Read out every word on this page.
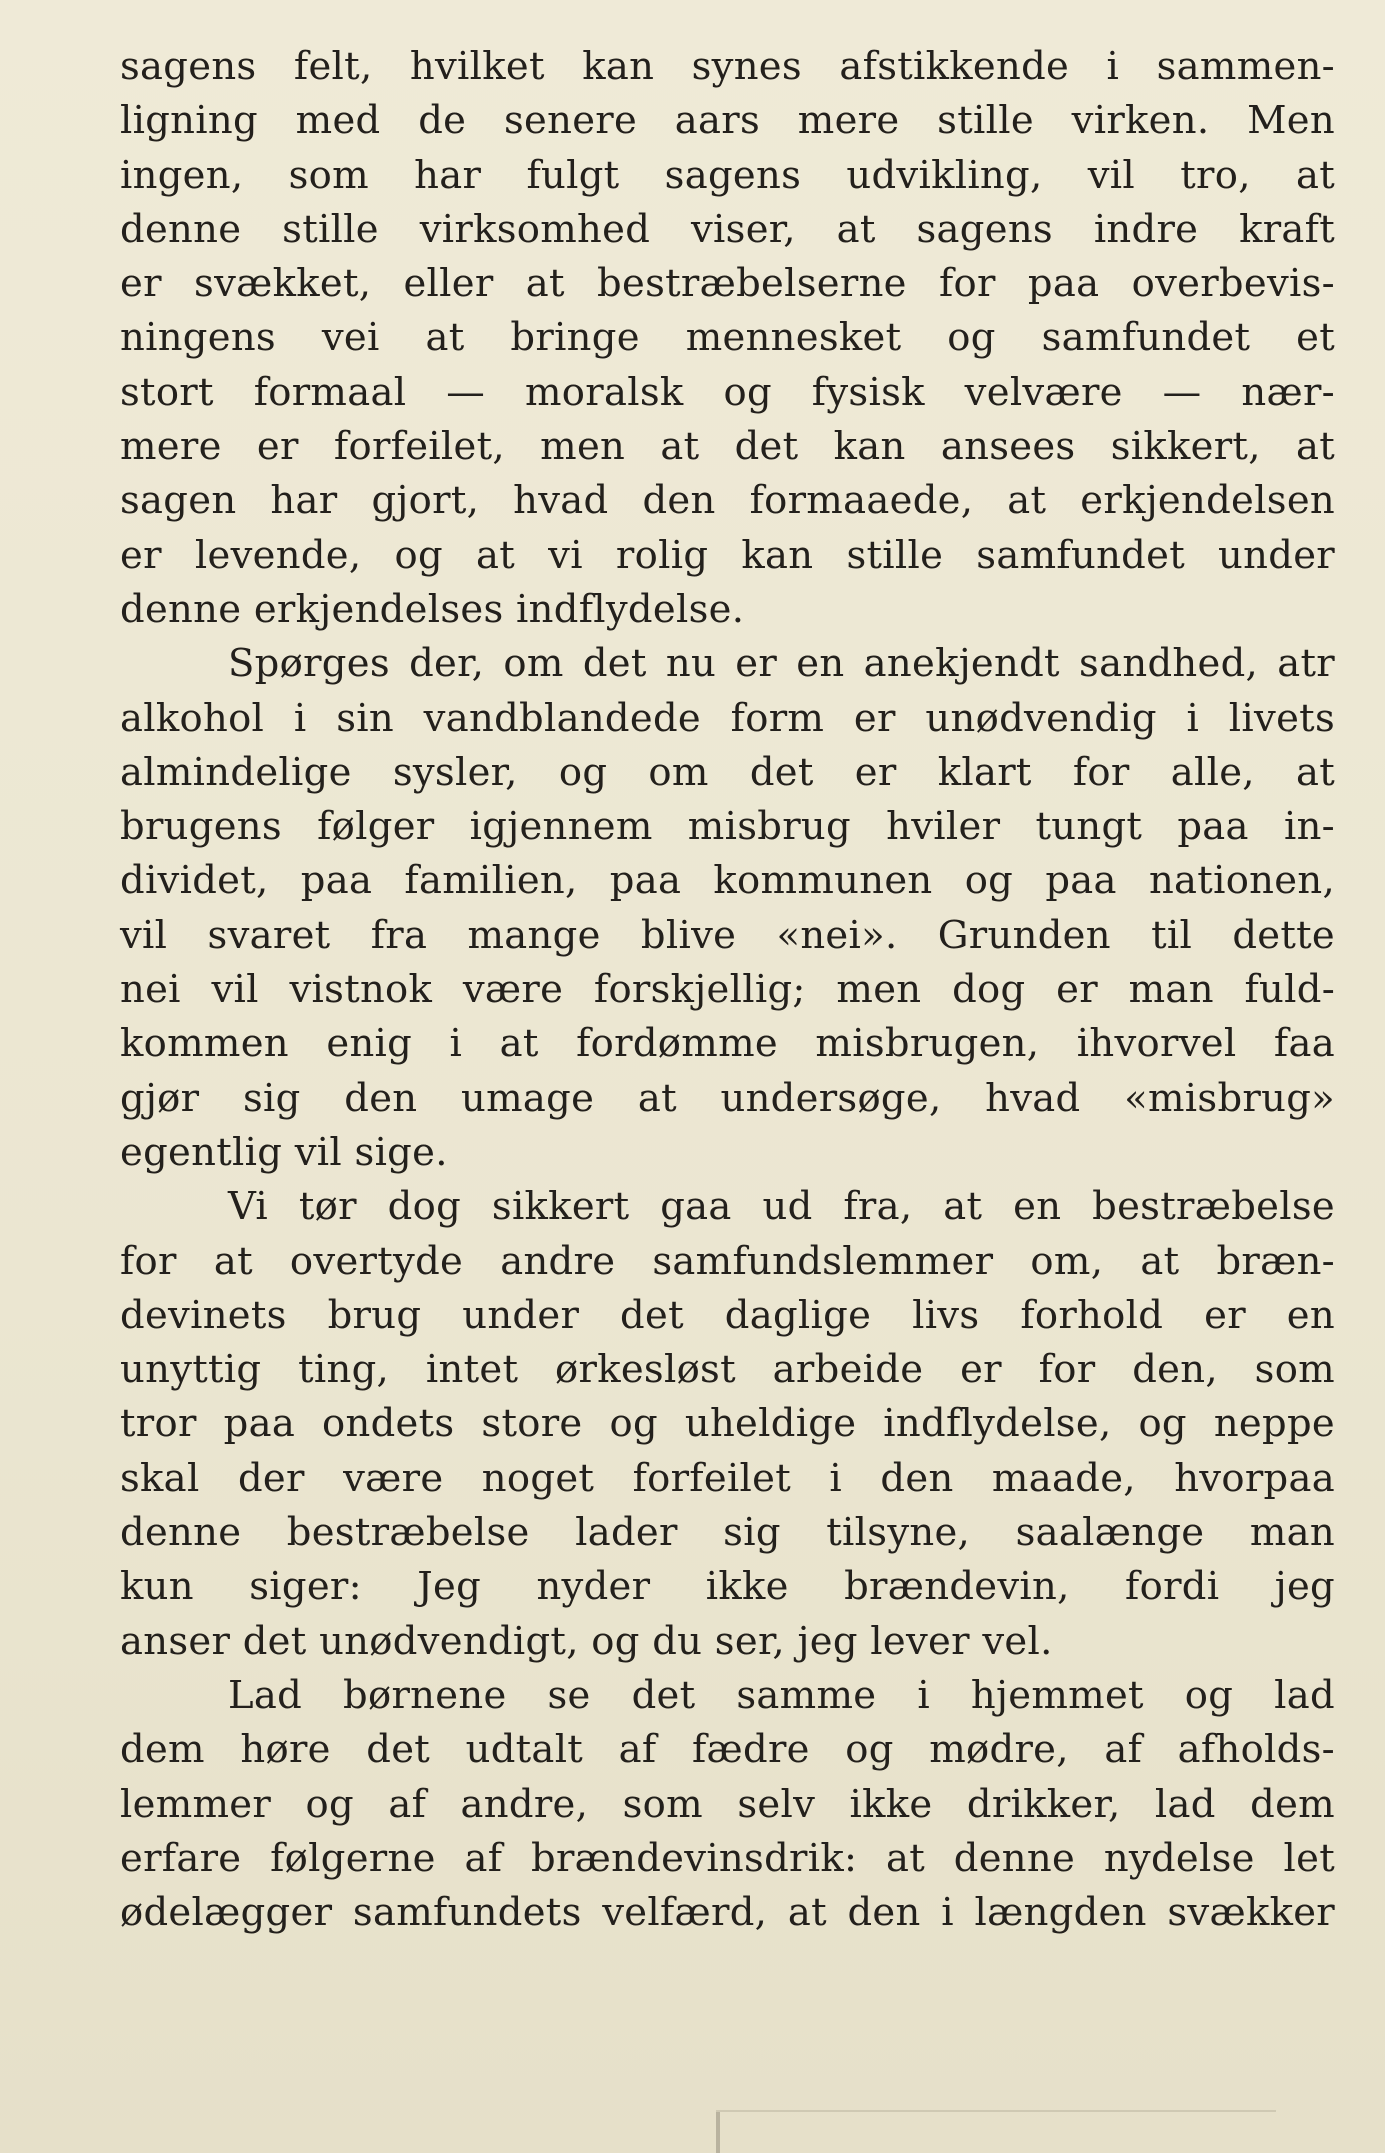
sagens felt, hvilket kan synes afstikkende i sammen-
ligning med de senere aars mere stille virken. Men
ingen, som har fulgt sagens udvikling, vil tro, at
denne stille virksomhed viser, at sagens indre kraft
er svækket, eller at bestræbelserne for paa overbevis-
ningens vei at bringe mennesket og samfundet et
stort formaal — moralsk og fysisk velvære — nær-
mere er forfeilet, men at det kan ansees sikkert, at
sagen har gjort, hvad den formaaede, at erkjendelsen
er levende, og at vi rolig kan stille samfundet under
denne erkjendelses indflydelse.
Spørges der, om det nu er en anekjendt sandhed, atr
alkohol i sin vandblandede form er unødvendig i livets
almindelige sysler, og om det er klart for alle, at
brugens følger igjennem misbrug hviler tungt paa in-
dividet, paa familien, paa kommunen og paa nationen,
vil svaret fra mange blive «nei». Grunden til dette
nei vil vistnok være forskjellig; men dog er man fuld-
kommen enig i at fordømme misbrugen, ihvorvel faa
gjør sig den umage at undersøge, hvad «misbrug»
egentlig vil sige.
Vi tør dog sikkert gaa ud fra, at en bestræbelse
for at overtyde andre samfundslemmer om, at bræn-
devinets brug under det daglige livs forhold er en
unyttig ting, intet ørkesløst arbeide er for den, som
tror paa ondets store og uheldige indflydelse, og neppe
skal der være noget forfeilet i den maade, hvorpaa
denne bestræbelse lader sig tilsyne, saalænge man
kun siger: Jeg nyder ikke brændevin, fordi jeg
anser det unødvendigt, og du ser, jeg lever vel.
Lad børnene se det samme i hjemmet og lad
dem høre det udtalt af fædre og mødre, af afholds-
lemmer og af andre, som selv ikke drikker, lad dem
erfare følgerne af brændevinsdrik: at denne nydelse let
ødelægger samfundets velfærd, at den i længden svækker
